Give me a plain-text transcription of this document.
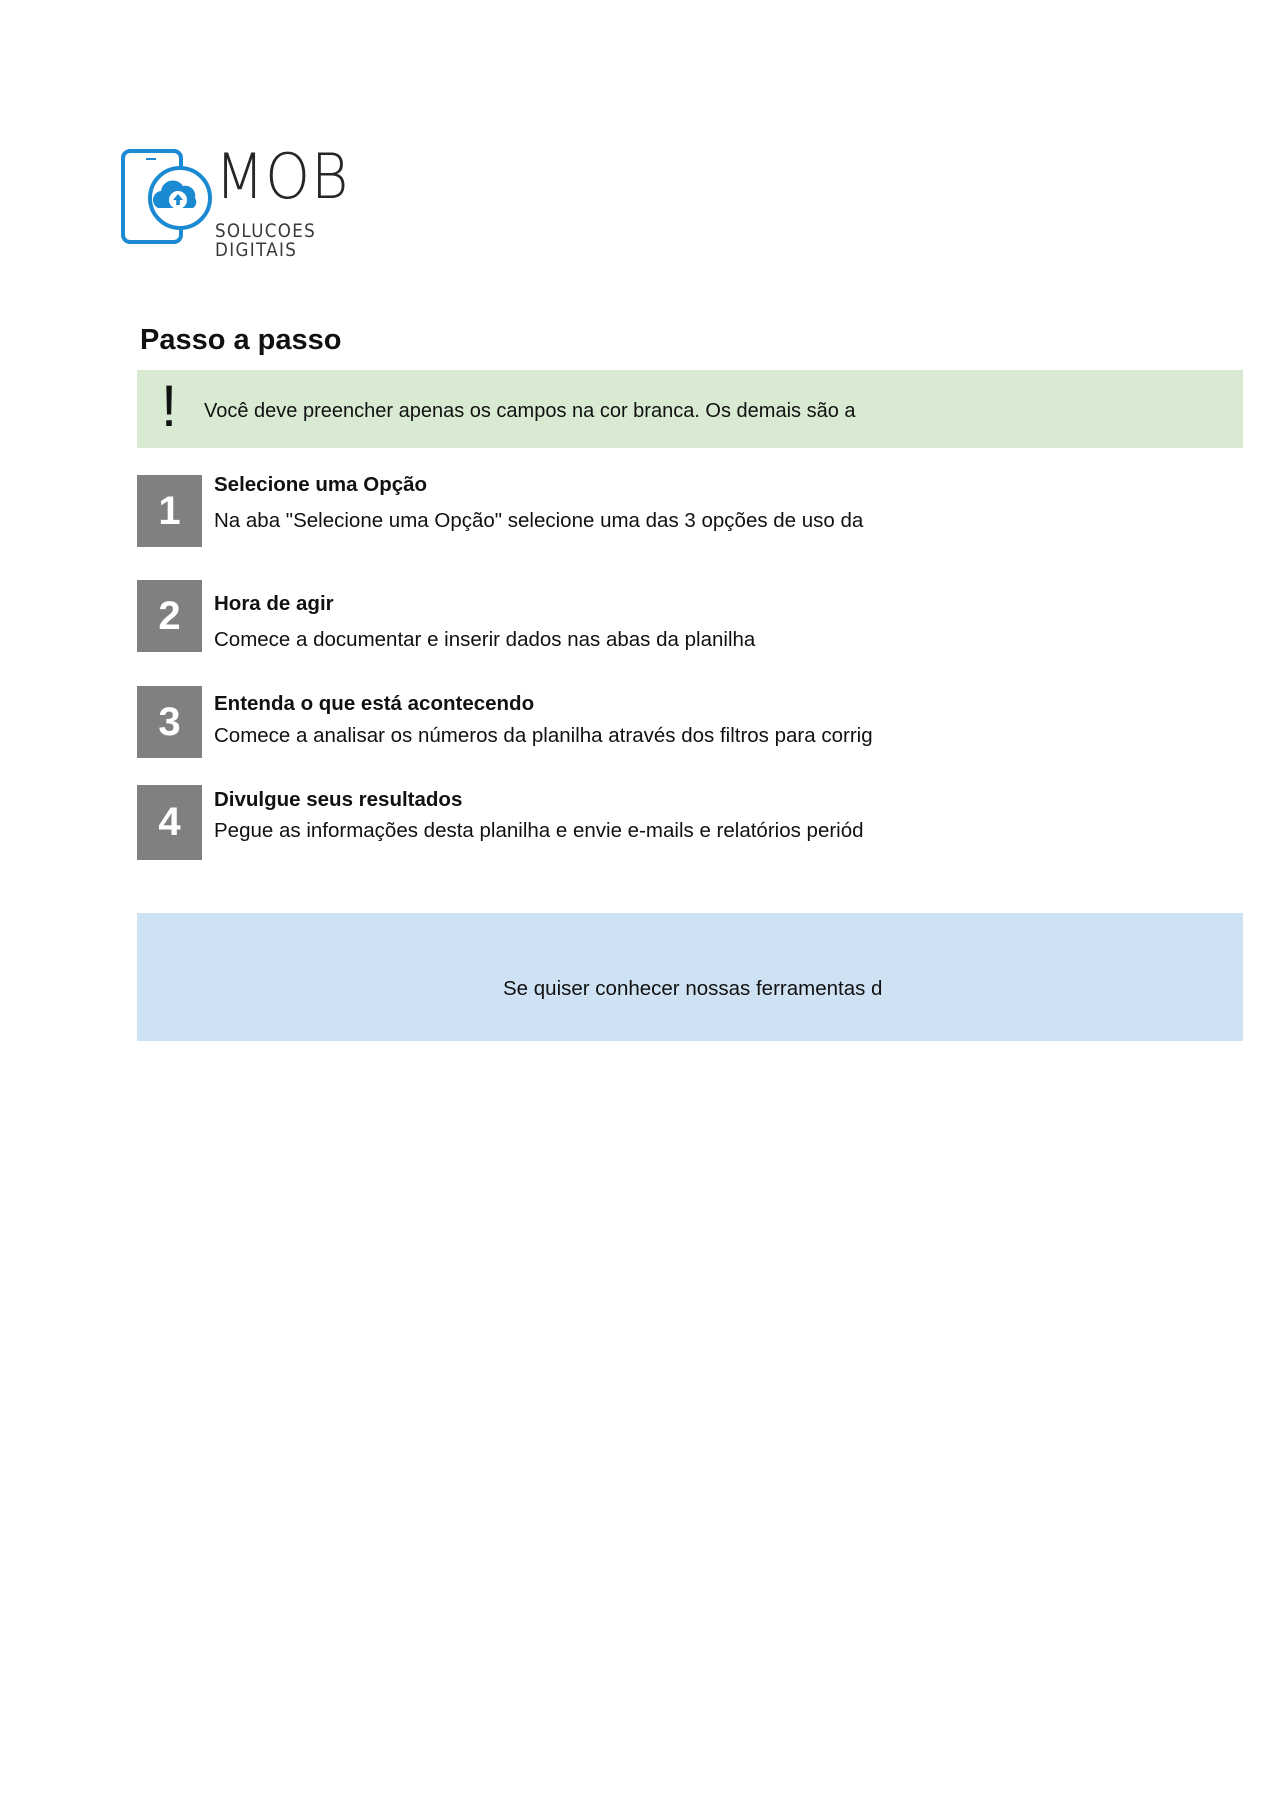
MOB
SOLUCOES DIGITAIS
Passo a passo
! Você deve preencher apenas os campos na cor branca. Os demais são a
1
Selecione uma Opção
Na aba "Selecione uma Opção" selecione uma das 3 opções de uso da
2	Hora de agir
Comece a documentar e inserir dados nas abas da planilha
3	Entenda o que está acontecendo
Comece a analisar os números da planilha através dos filtros para corrig
4
Divulgue seus resultados
Pegue as informações desta planilha e envie e-mails e relatórios periód
Se quiser conhecer nossas ferramentas d
